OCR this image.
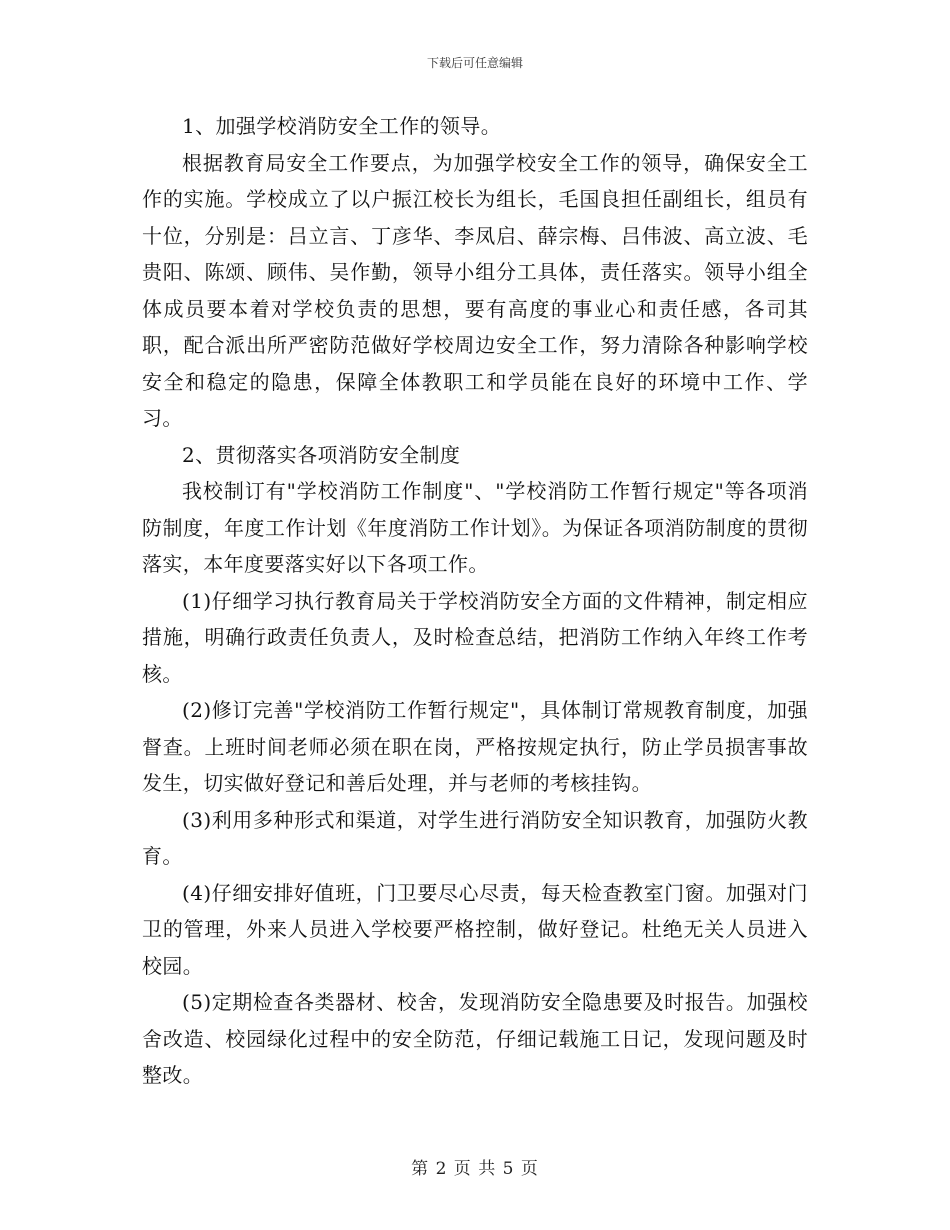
下载后可任意编辑

1、加强学校消防安全工作的领导。

根据教育局安全工作要点，为加强学校安全工作的领导，确保安全工作的实施。学校成立了以户振江校长为组长，毛国良担任副组长，组员有十位，分别是：吕立言、丁彦华、李凤启、薛宗梅、吕伟波、高立波、毛贵阳、陈颂、顾伟、吴作勤，领导小组分工具体，责任落实。领导小组全体成员要本着对学校负责的思想，要有高度的事业心和责任感，各司其职，配合派出所严密防范做好学校周边安全工作，努力清除各种影响学校安全和稳定的隐患，保障全体教职工和学员能在良好的环境中工作、学习。

2、贯彻落实各项消防安全制度

我校制订有"学校消防工作制度"、"学校消防工作暂行规定"等各项消防制度，年度工作计划《年度消防工作计划》。为保证各项消防制度的贯彻落实，本年度要落实好以下各项工作。

(1)仔细学习执行教育局关于学校消防安全方面的文件精神，制定相应措施，明确行政责任负责人，及时检查总结，把消防工作纳入年终工作考核。

(2)修订完善"学校消防工作暂行规定"，具体制订常规教育制度，加强督查。上班时间老师必须在职在岗，严格按规定执行，防止学员损害事故发生，切实做好登记和善后处理，并与老师的考核挂钩。

(3)利用多种形式和渠道，对学生进行消防安全知识教育，加强防火教育。

(4)仔细安排好值班，门卫要尽心尽责，每天检查教室门窗。加强对门卫的管理，外来人员进入学校要严格控制，做好登记。杜绝无关人员进入校园。

(5)定期检查各类器材、校舍，发现消防安全隐患要及时报告。加强校舍改造、校园绿化过程中的安全防范，仔细记载施工日记，发现问题及时整改。

第 2 页 共 5 页
